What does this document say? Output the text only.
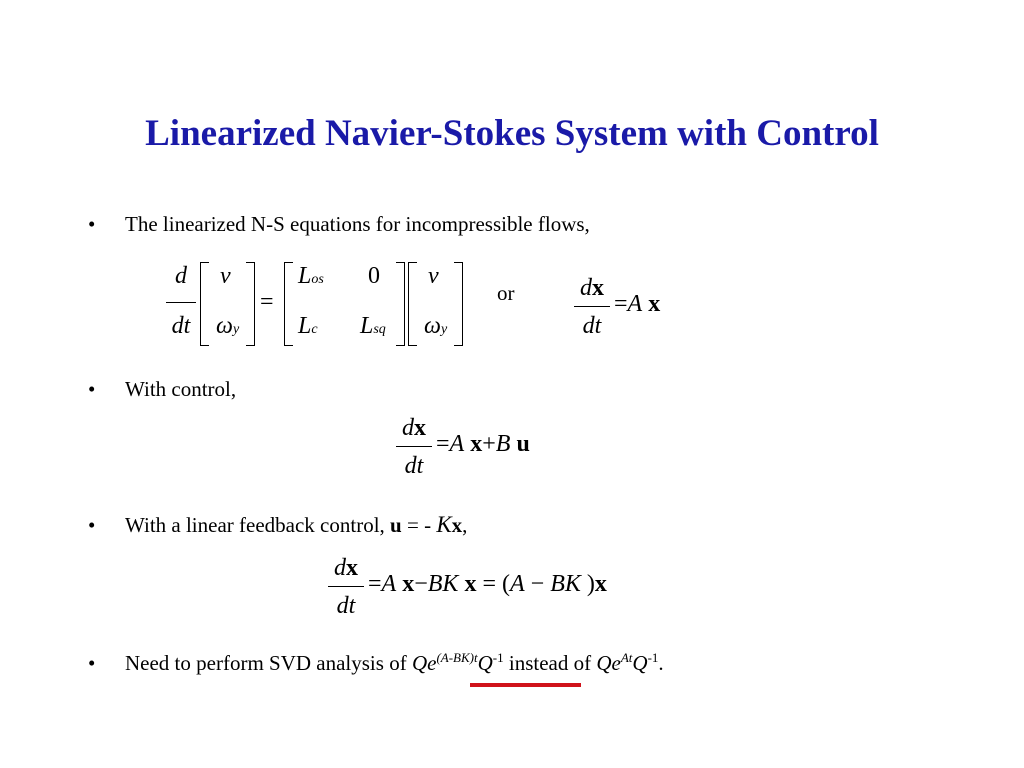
Linearized Navier-Stokes System with Control
• The linearized N-S equations for incompressible flows,
d
dt
v
ωy
=
Los 0
Lc Lsq
v
ωy
or	dx
dt
=A x
• With control,
dx
dt
=A x+B u
• With a linear feedback control, u = - Kx,
dx
dt
=A x−BK x = (A − BK )x
• Need to perform SVD analysis of $Qe^{(A-BK)t}Q^{-1}$ instead of $Qe^{At}Q^{-1}$.
